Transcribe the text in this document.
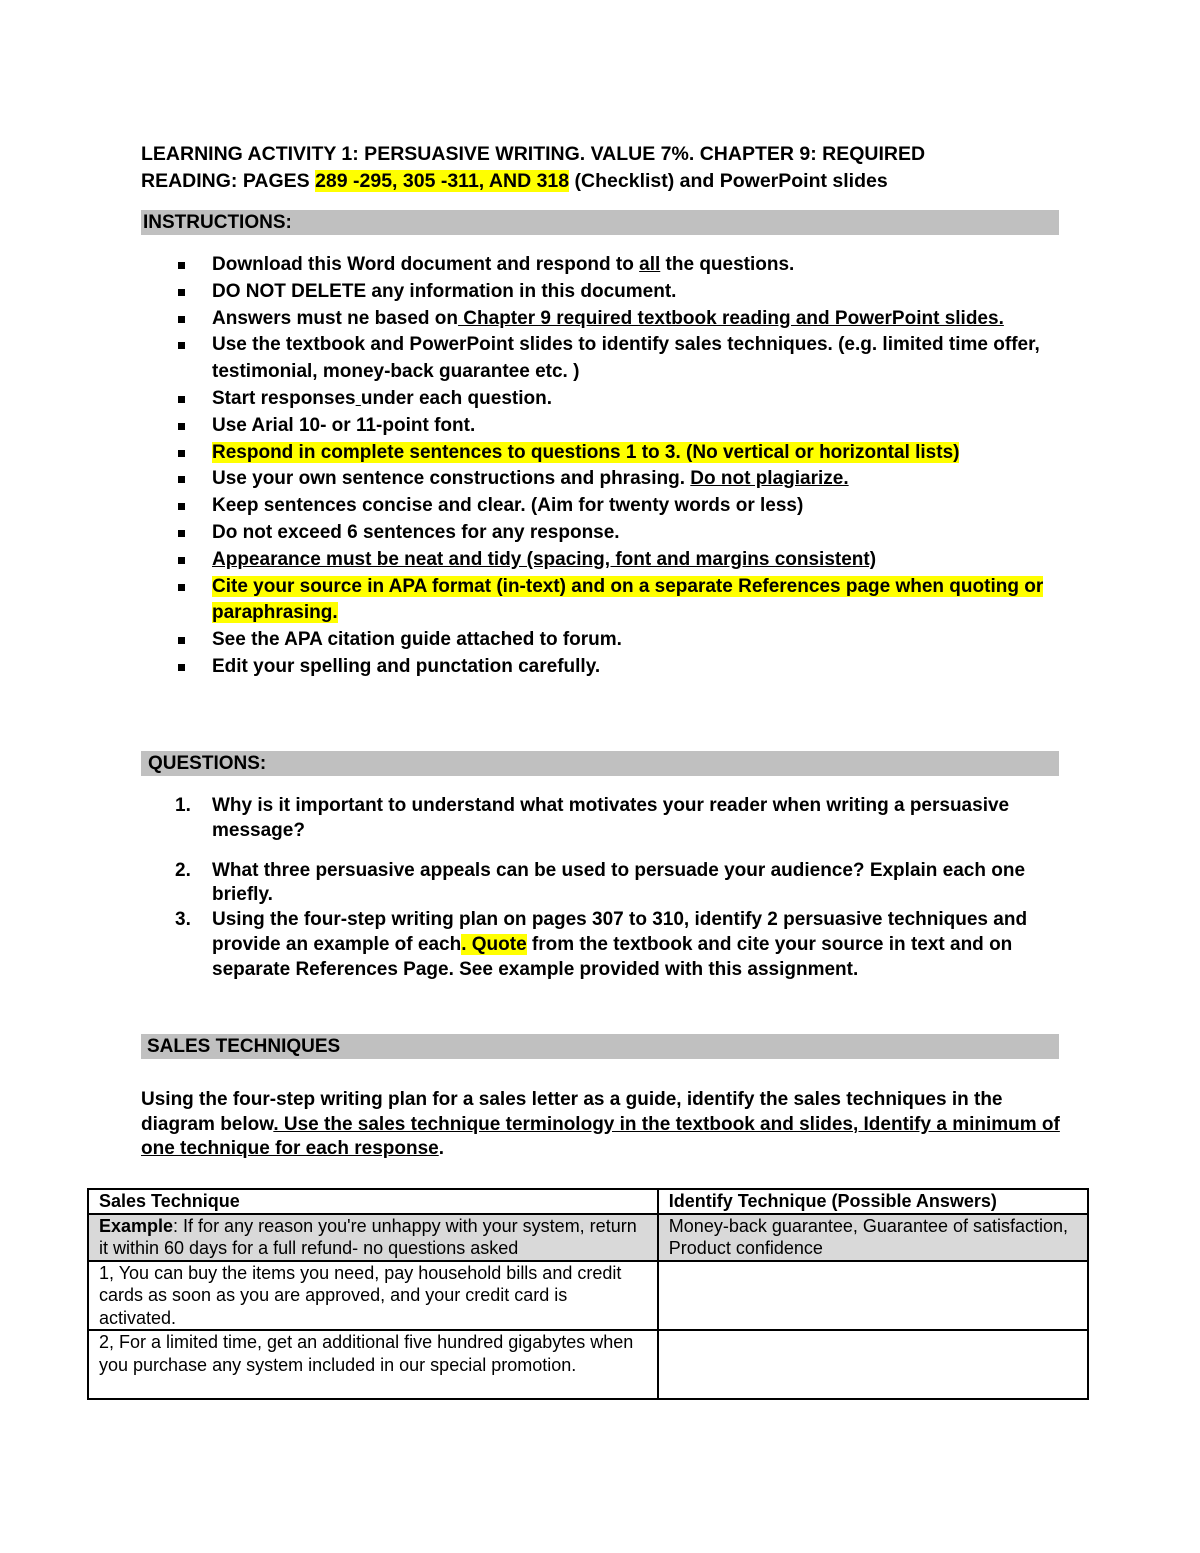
LEARNING ACTIVITY 1: PERSUASIVE WRITING. VALUE 7%. CHAPTER 9: REQUIRED
READING: PAGES 289 -295, 305 -311, AND 318 (Checklist) and PowerPoint slides
INSTRUCTIONS:
Download this Word document and respond to all the questions.
DO NOT DELETE any information in this document.
Answers must ne based on Chapter 9 required textbook reading and PowerPoint slides.
Use the textbook and PowerPoint slides to identify sales techniques. (e.g. limited time offer, testimonial, money-back guarantee etc. )
Start responses under each question.
Use Arial 10- or 11-point font.
Respond in complete sentences to questions 1 to 3. (No vertical or horizontal lists)
Use your own sentence constructions and phrasing. Do not plagiarize.
Keep sentences concise and clear. (Aim for twenty words or less)
Do not exceed 6 sentences for any response.
Appearance must be neat and tidy (spacing, font and margins consistent)
Cite your source in APA format (in-text) and on a separate References page when quoting or paraphrasing.
See the APA citation guide attached to forum.
Edit your spelling and punctation carefully.
QUESTIONS:
1. Why is it important to understand what motivates your reader when writing a persuasive message?
2. What three persuasive appeals can be used to persuade your audience? Explain each one briefly.
3. Using the four-step writing plan on pages 307 to 310, identify 2 persuasive techniques and provide an example of each. Quote from the textbook and cite your source in text and on separate References Page. See example provided with this assignment.
SALES TECHNIQUES
Using the four-step writing plan for a sales letter as a guide, identify the sales techniques in the diagram below. Use the sales technique terminology in the textbook and slides, Identify a minimum of one technique for each response.
Sales Technique	Identify Technique (Possible Answers)
Example: If for any reason you're unhappy with your system, return it within 60 days for a full refund- no questions asked	Money-back guarantee, Guarantee of satisfaction, Product confidence
1, You can buy the items you need, pay household bills and credit cards as soon as you are approved, and your credit card is activated.	
2, For a limited time, get an additional five hundred gigabytes when you purchase any system included in our special promotion.	
